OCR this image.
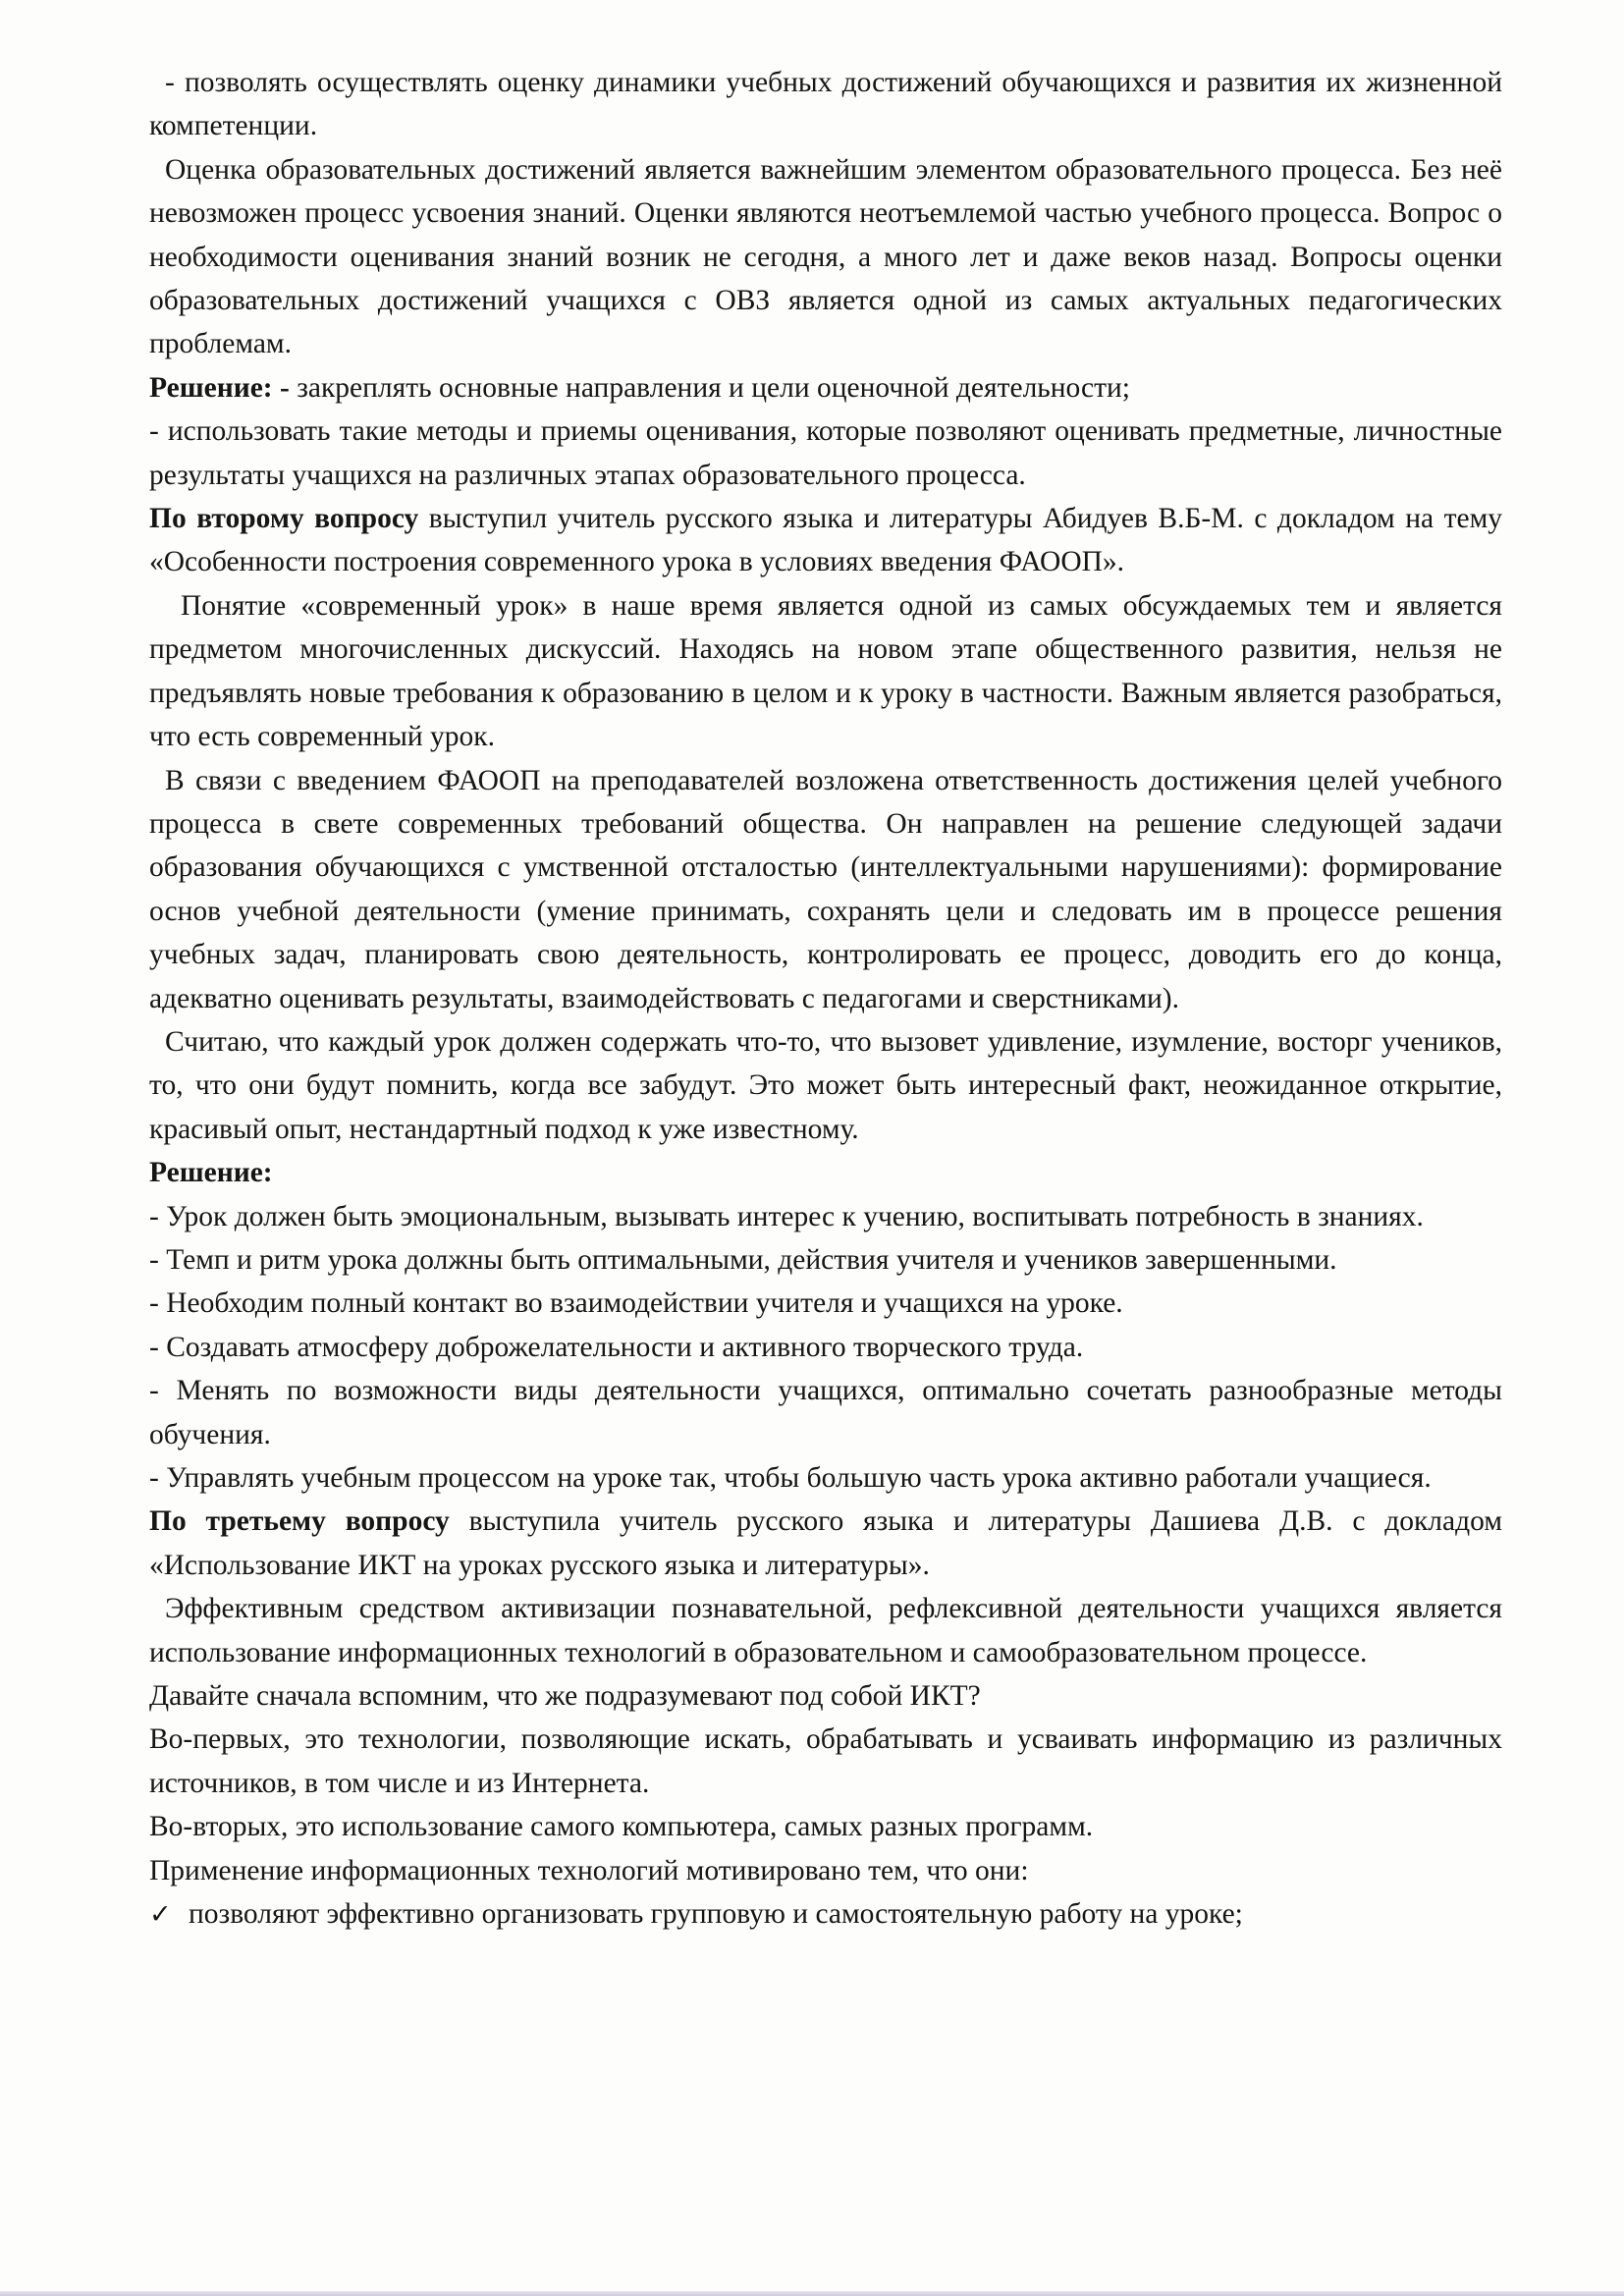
- позволять осуществлять оценку динамики учебных достижений обучающихся и развития их жизненной компетенции.

Оценка образовательных достижений является важнейшим элементом образовательного процесса. Без неё невозможен процесс усвоения знаний. Оценки являются неотъемлемой частью учебного процесса. Вопрос о необходимости оценивания знаний возник не сегодня, а много лет и даже веков назад. Вопросы оценки образовательных достижений учащихся с ОВЗ является одной из самых актуальных педагогических проблемам.

Решение: - закреплять основные направления и цели оценочной деятельности;

- использовать такие методы и приемы оценивания, которые позволяют оценивать предметные, личностные результаты учащихся на различных этапах образовательного процесса.

По второму вопросу выступил учитель русского языка и литературы Абидуев В.Б-М. с докладом на тему «Особенности построения современного урока в условиях введения ФАООП».

Понятие «современный урок» в наше время является одной из самых обсуждаемых тем и является предметом многочисленных дискуссий. Находясь на новом этапе общественного развития, нельзя не предъявлять новые требования к образованию в целом и к уроку в частности. Важным является разобраться, что есть современный урок.

В связи с введением ФАООП на преподавателей возложена ответственность достижения целей учебного процесса в свете современных требований общества. Он направлен на решение следующей задачи образования обучающихся с умственной отсталостью (интеллектуальными нарушениями): формирование основ учебной деятельности (умение принимать, сохранять цели и следовать им в процессе решения учебных задач, планировать свою деятельность, контролировать ее процесс, доводить его до конца, адекватно оценивать результаты, взаимодействовать с педагогами и сверстниками).

Считаю, что каждый урок должен содержать что-то, что вызовет удивление, изумление, восторг учеников, то, что они будут помнить, когда все забудут. Это может быть интересный факт, неожиданное открытие, красивый опыт, нестандартный подход к уже известному.

Решение:

- Урок должен быть эмоциональным, вызывать интерес к учению, воспитывать потребность в знаниях.

- Темп и ритм урока должны быть оптимальными, действия учителя и учеников завершенными.

- Необходим полный контакт во взаимодействии учителя и учащихся на уроке.

- Создавать атмосферу доброжелательности и активного творческого труда.

- Менять по возможности виды деятельности учащихся, оптимально сочетать разнообразные методы обучения.

- Управлять учебным процессом на уроке так, чтобы большую часть урока активно работали учащиеся.

По третьему вопросу выступила учитель русского языка и литературы Дашиева Д.В. с докладом «Использование ИКТ на уроках русского языка и литературы».

Эффективным средством активизации познавательной, рефлексивной деятельности учащихся является использование информационных технологий в образовательном и самообразовательном процессе.

Давайте сначала вспомним, что же подразумевают под собой ИКТ?

Во-первых, это технологии, позволяющие искать, обрабатывать и усваивать информацию из различных источников, в том числе и из Интернета.

Во-вторых, это использование самого компьютера, самых разных программ.

Применение информационных технологий мотивировано тем, что они:

✓ позволяют эффективно организовать групповую и самостоятельную работу на уроке;
